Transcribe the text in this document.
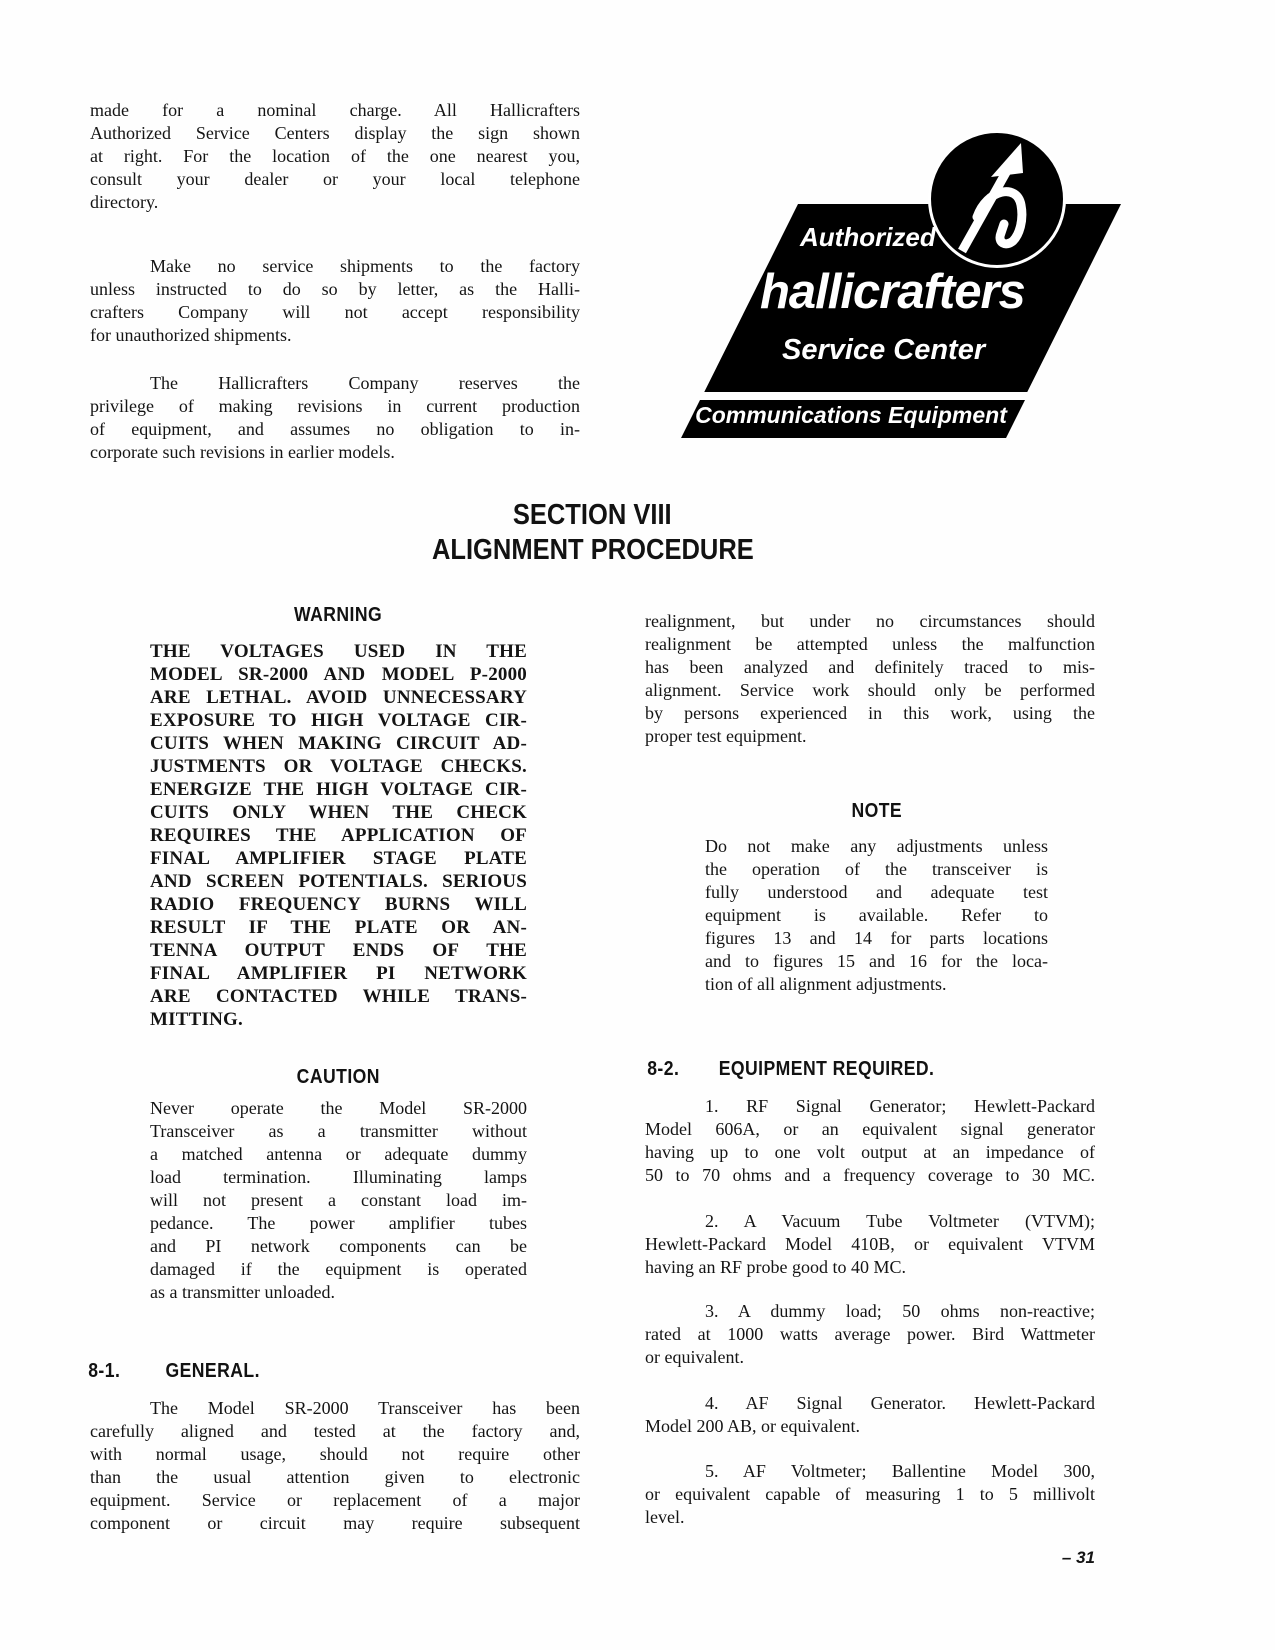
made for a nominal charge. All Hallicrafters
Authorized Service Centers display the sign shown
at right. For the location of the one nearest you,
consult your dealer or your local telephone
directory.
Make no service shipments to the factory
unless instructed to do so by letter, as the Halli-
crafters Company will not accept responsibility
for unauthorized shipments.
The Hallicrafters Company reserves the
privilege of making revisions in current production
of equipment, and assumes no obligation to in-
corporate such revisions in earlier models.
Authorized
hallicrafters
Service Center
Communications Equipment
SECTION VIII
ALIGNMENT PROCEDURE
WARNING
THE VOLTAGES USED IN THE
MODEL SR-2000 AND MODEL P-2000
ARE LETHAL. AVOID UNNECESSARY
EXPOSURE TO HIGH VOLTAGE CIR-
CUITS WHEN MAKING CIRCUIT AD-
JUSTMENTS OR VOLTAGE CHECKS.
ENERGIZE THE HIGH VOLTAGE CIR-
CUITS ONLY WHEN THE CHECK
REQUIRES THE APPLICATION OF
FINAL AMPLIFIER STAGE PLATE
AND SCREEN POTENTIALS. SERIOUS
RADIO FREQUENCY BURNS WILL
RESULT IF THE PLATE OR AN-
TENNA OUTPUT ENDS OF THE
FINAL AMPLIFIER PI NETWORK
ARE CONTACTED WHILE TRANS-
MITTING.
CAUTION
Never operate the Model SR-2000
Transceiver as a transmitter without
a matched antenna or adequate dummy
load termination. Illuminating lamps
will not present a constant load im-
pedance. The power amplifier tubes
and PI network components can be
damaged if the equipment is operated
as a transmitter unloaded.
8-1. GENERAL.
The Model SR-2000 Transceiver has been
carefully aligned and tested at the factory and,
with normal usage, should not require other
than the usual attention given to electronic
equipment. Service or replacement of a major
component or circuit may require subsequent
realignment, but under no circumstances should
realignment be attempted unless the malfunction
has been analyzed and definitely traced to mis-
alignment. Service work should only be performed
by persons experienced in this work, using the
proper test equipment.
NOTE
Do not make any adjustments unless
the operation of the transceiver is
fully understood and adequate test
equipment is available. Refer to
figures 13 and 14 for parts locations
and to figures 15 and 16 for the loca-
tion of all alignment adjustments.
8-2. EQUIPMENT REQUIRED.
1. RF Signal Generator; Hewlett-Packard
Model 606A, or an equivalent signal generator
having up to one volt output at an impedance of
50 to 70 ohms and a frequency coverage to 30 MC.
2. A Vacuum Tube Voltmeter (VTVM);
Hewlett-Packard Model 410B, or equivalent VTVM
having an RF probe good to 40 MC.
3. A dummy load; 50 ohms non-reactive;
rated at 1000 watts average power. Bird Wattmeter
or equivalent.
4. AF Signal Generator. Hewlett-Packard
Model 200 AB, or equivalent.
5. AF Voltmeter; Ballentine Model 300,
or equivalent capable of measuring 1 to 5 millivolt
level.
– 31
